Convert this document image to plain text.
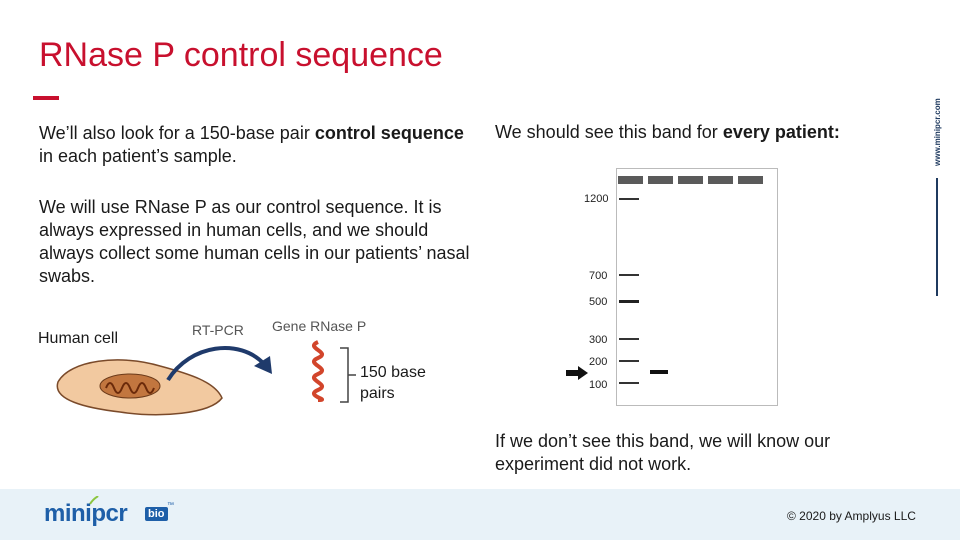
RNase P control sequence
We’ll also look for a 150-base pair control sequence in each patient’s sample.
We will use RNase P as our control sequence. It is always expressed in human cells, and we should always collect some human cells in our patients’ nasal swabs.
We should see this band for every patient:
Human cell	RT-PCR Gene RNase P
150 base
pairs
1200
700
500
300
200
100
If we don’t see this band, we will know our experiment did not work.
www.minipcr.com
minipcr bio
™
© 2020 by Amplyus LLC
